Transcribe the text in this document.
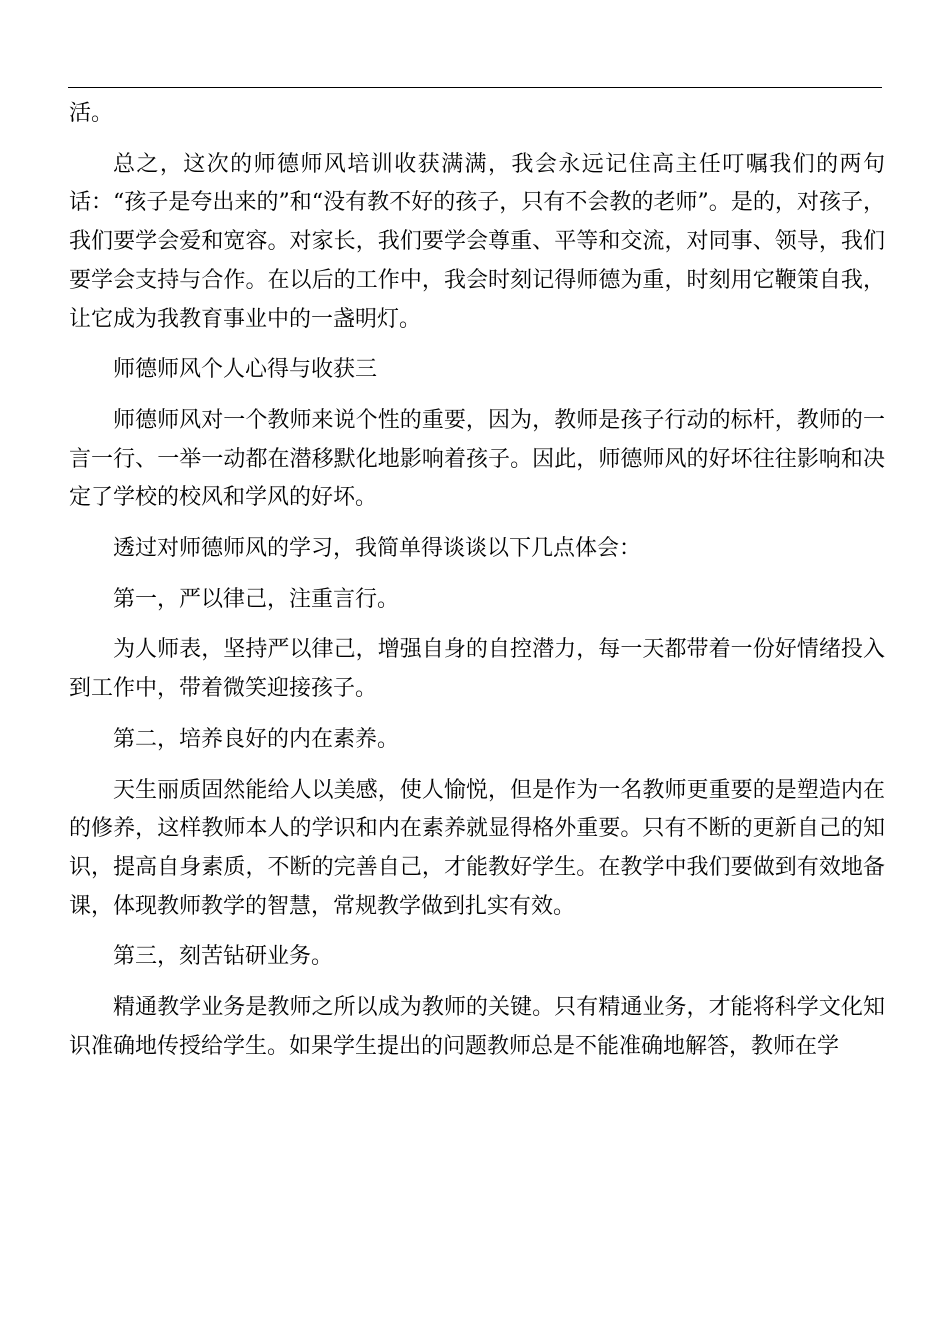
活。

总之，这次的师德师风培训收获满满，我会永远记住高主任叮嘱我们的两句话：“孩子是夸出来的”和“没有教不好的孩子，只有不会教的老师”。是的，对孩子，我们要学会爱和宽容。对家长，我们要学会尊重、平等和交流，对同事、领导，我们要学会支持与合作。在以后的工作中，我会时刻记得师德为重，时刻用它鞭策自我，让它成为我教育事业中的一盏明灯。

师德师风个人心得与收获三

师德师风对一个教师来说个性的重要，因为，教师是孩子行动的标杆，教师的一言一行、一举一动都在潜移默化地影响着孩子。因此，师德师风的好坏往往影响和决定了学校的校风和学风的好坏。

透过对师德师风的学习，我简单得谈谈以下几点体会：

第一，严以律己，注重言行。

为人师表，坚持严以律己，增强自身的自控潜力，每一天都带着一份好情绪投入到工作中，带着微笑迎接孩子。

第二，培养良好的内在素养。

天生丽质固然能给人以美感，使人愉悦，但是作为一名教师更重要的是塑造内在的修养，这样教师本人的学识和内在素养就显得格外重要。只有不断的更新自己的知识，提高自身素质，不断的完善自己，才能教好学生。在教学中我们要做到有效地备课，体现教师教学的智慧，常规教学做到扎实有效。

第三，刻苦钻研业务。

精通教学业务是教师之所以成为教师的关键。只有精通业务，才能将科学文化知识准确地传授给学生。如果学生提出的问题教师总是不能准确地解答，教师在学
